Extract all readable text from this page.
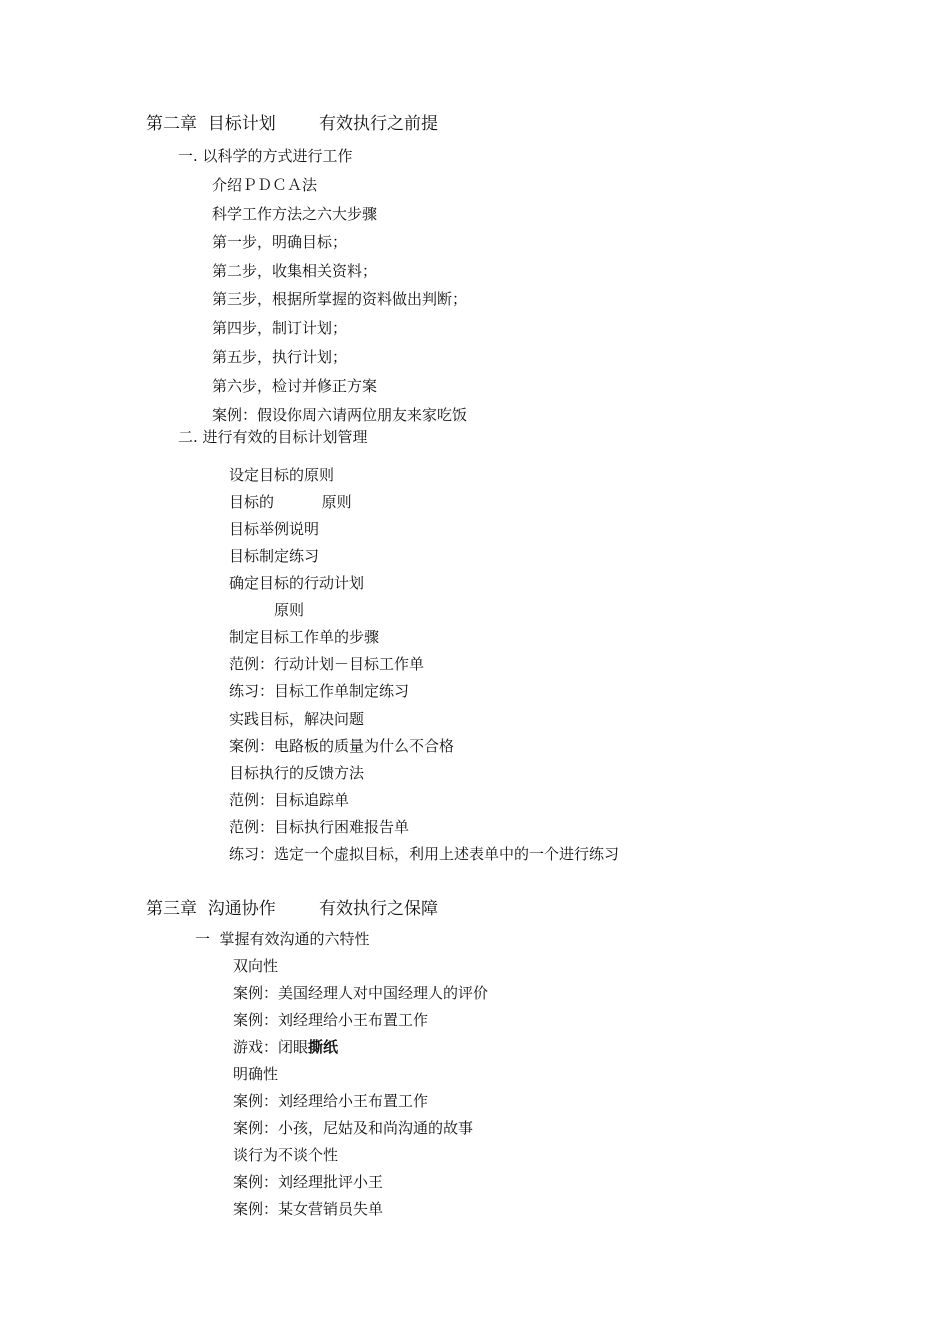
第二章  目标计划        有效执行之前提
一. 以科学的方式进行工作
介绍ＰＤＣＡ法
科学工作方法之六大步骤
第一步，明确目标；
第二步，收集相关资料；
第三步，根据所掌握的资料做出判断；
第四步，制订计划；
第五步，执行计划；
第六步，检讨并修正方案
案例：假设你周六请两位朋友来家吃饭
二. 进行有效的目标计划管理
设定目标的原则
目标的          原则
目标举例说明
目标制定练习
确定目标的行动计划
原则
制定目标工作单的步骤
范例：行动计划－目标工作单
练习：目标工作单制定练习
实践目标，解决问题
案例：电路板的质量为什么不合格
目标执行的反馈方法
范例：目标追踪单
范例：目标执行困难报告单
练习：选定一个虚拟目标，利用上述表单中的一个进行练习
第三章  沟通协作        有效执行之保障
一  掌握有效沟通的六特性
双向性
案例：美国经理人对中国经理人的评价
案例：刘经理给小王布置工作
游戏：闭眼撕纸
明确性
案例：刘经理给小王布置工作
案例：小孩，尼姑及和尚沟通的故事
谈行为不谈个性
案例：刘经理批评小王
案例：某女营销员失单
